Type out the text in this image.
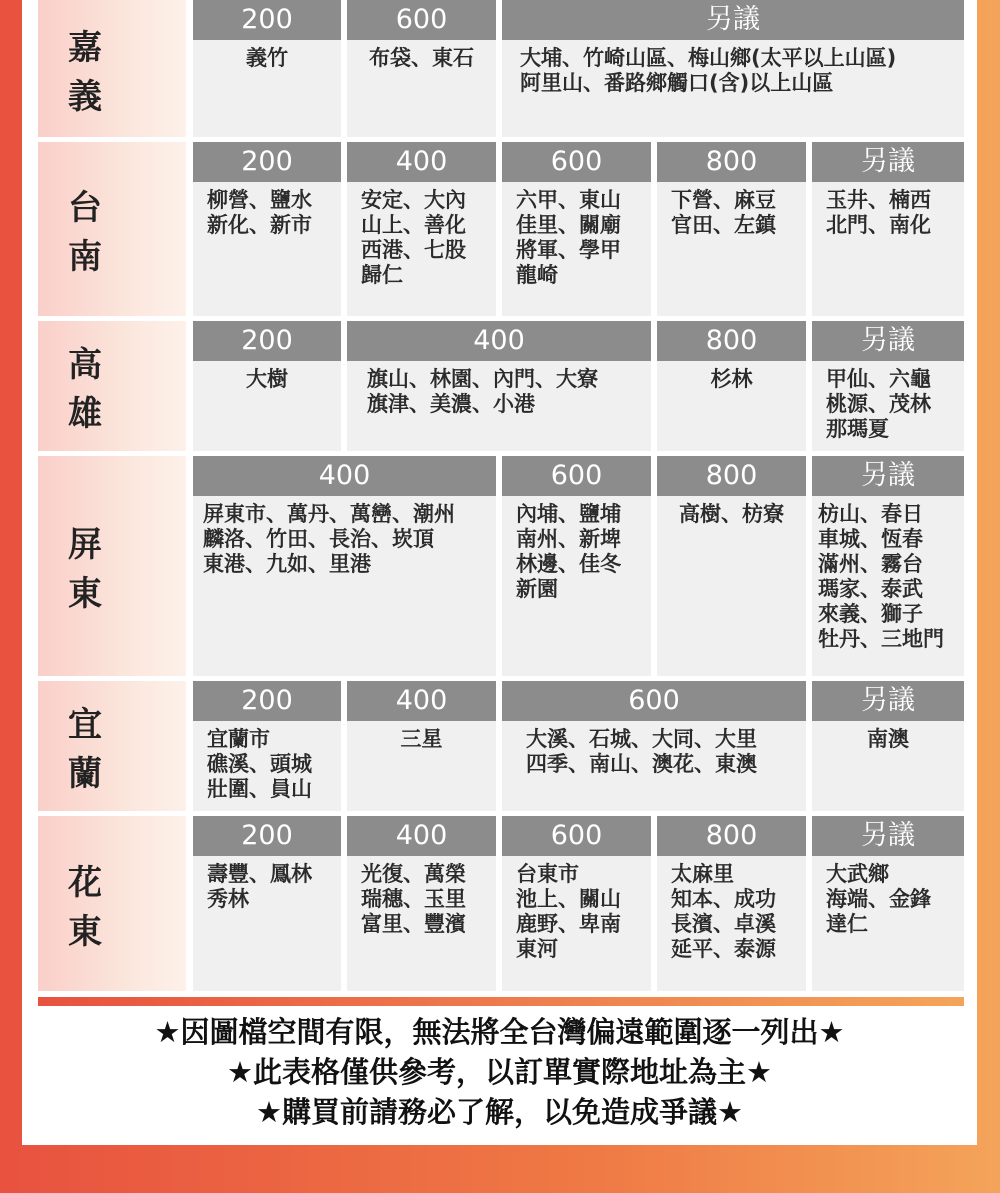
嘉義
200
義竹
600
布袋、東石
另議
大埔、竹崎山區、梅山鄉(太平以上山區)
阿里山、番路鄉觸口(含)以上山區
台南
200
柳營、鹽水
新化、新市
400
安定、大內
山上、善化
西港、七股
歸仁
600
六甲、東山
佳里、關廟
將軍、學甲
龍崎
800
下營、麻豆
官田、左鎮
另議
玉井、楠西
北門、南化
高雄
200
大樹
400
旗山、林園、內門、大寮
旗津、美濃、小港
800
杉林
另議
甲仙、六龜
桃源、茂林
那瑪夏
屏東
400
屏東市、萬丹、萬巒、潮州
麟洛、竹田、長治、崁頂
東港、九如、里港
600
內埔、鹽埔
南州、新埤
林邊、佳冬
新園
800
高樹、枋寮
另議
枋山、春日
車城、恆春
滿州、霧台
瑪家、泰武
來義、獅子
牡丹、三地門
宜蘭
200
宜蘭市
礁溪、頭城
壯圍、員山
400
三星
600
大溪、石城、大同、大里
四季、南山、澳花、東澳
另議
南澳
花東
200
壽豐、鳳林
秀林
400
光復、萬榮
瑞穗、玉里
富里、豐濱
600
台東市
池上、關山
鹿野、卑南
東河
800
太麻里
知本、成功
長濱、卓溪
延平、泰源
另議
大武鄉
海端、金鋒
達仁
★因圖檔空間有限，無法將全台灣偏遠範圍逐一列出★
★此表格僅供參考，以訂單實際地址為主★
★購買前請務必了解，以免造成爭議★
